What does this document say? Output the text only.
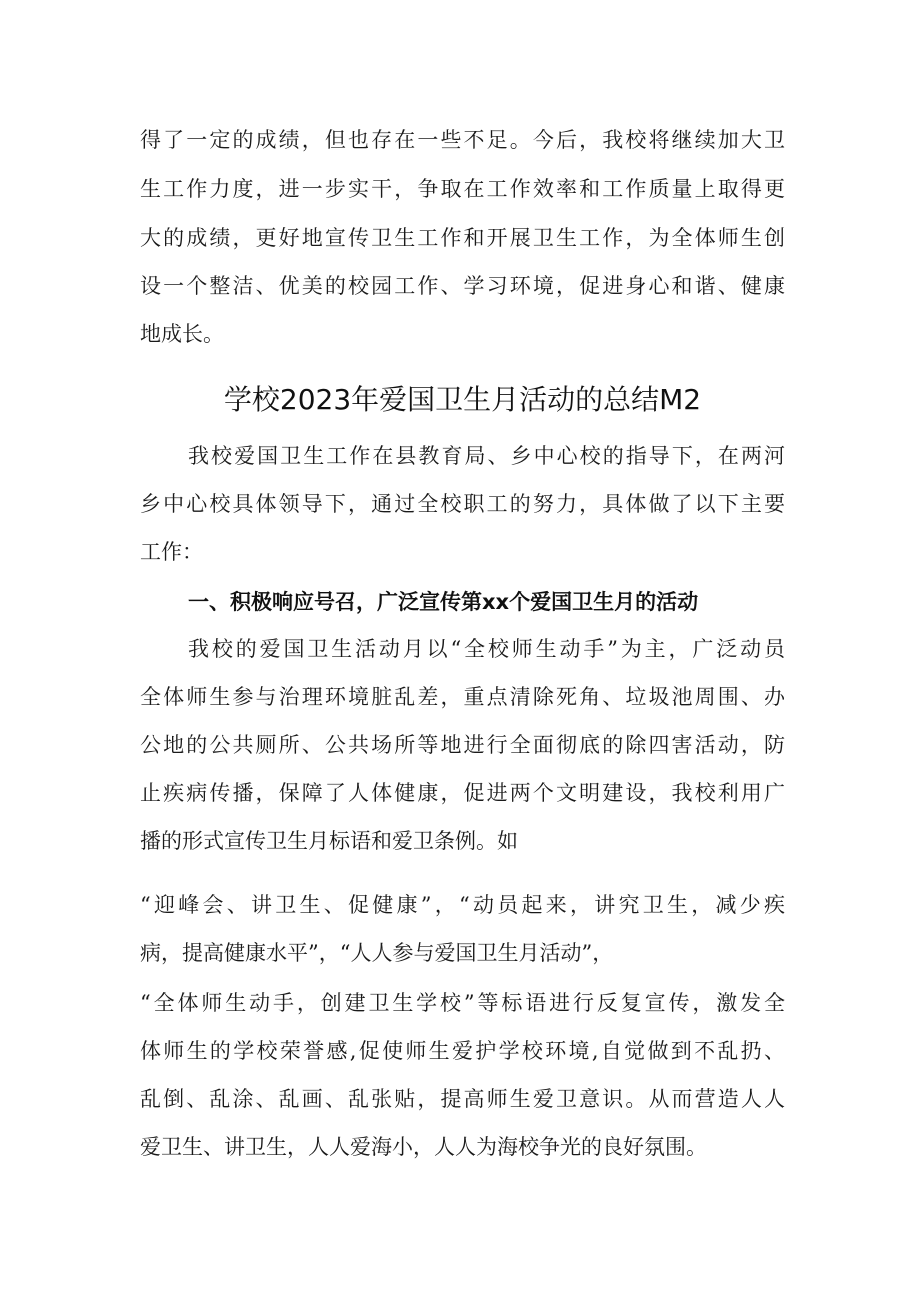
得了一定的成绩，但也存在一些不足。今后，我校将继续加大卫
生工作力度，进一步实干，争取在工作效率和工作质量上取得更
大的成绩，更好地宣传卫生工作和开展卫生工作，为全体师生创
设一个整洁、优美的校园工作、学习环境，促进身心和谐、健康
地成长。
学校2023年爱国卫生月活动的总结M2
我校爱国卫生工作在县教育局、乡中心校的指导下，在两河
乡中心校具体领导下，通过全校职工的努力，具体做了以下主要
工作：
一、积极响应号召，广泛宣传第xx个爱国卫生月的活动
我校的爱国卫生活动月以“全校师生动手”为主，广泛动员
全体师生参与治理环境脏乱差，重点清除死角、垃圾池周围、办
公地的公共厕所、公共场所等地进行全面彻底的除四害活动，防
止疾病传播，保障了人体健康，促进两个文明建设，我校利用广
播的形式宣传卫生月标语和爱卫条例。如
“迎峰会、讲卫生、促健康”，“动员起来，讲究卫生，减少疾
病，提高健康水平”，“人人参与爱国卫生月活动”，
“全体师生动手，创建卫生学校”等标语进行反复宣传，激发全
体师生的学校荣誉感,促使师生爱护学校环境,自觉做到不乱扔、
乱倒、乱涂、乱画、乱张贴，提高师生爱卫意识。从而营造人人
爱卫生、讲卫生，人人爱海小，人人为海校争光的良好氛围。
